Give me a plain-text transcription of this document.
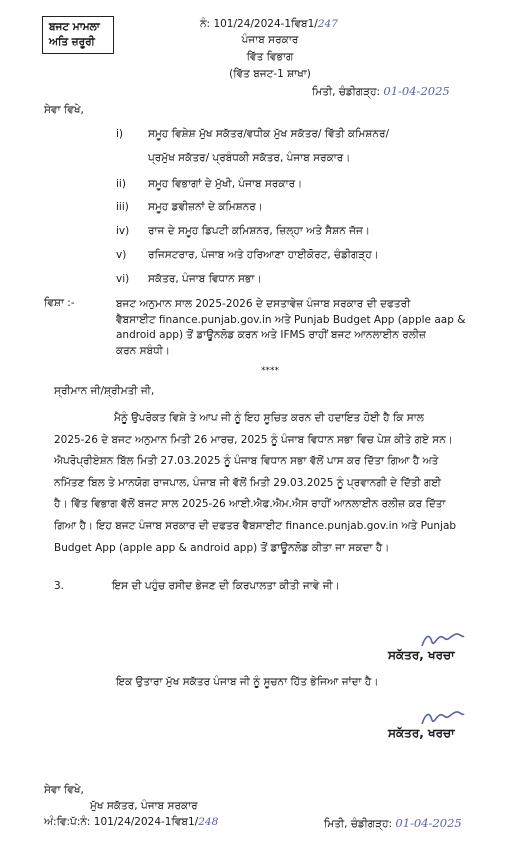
ਬਜਟ ਮਾਮਲਾ
ਅਤਿ ਜ਼ਰੂਰੀ
ਨੰ: 101/24/2024-1ਵਿਬ1/247
ਪੰਜਾਬ ਸਰਕਾਰ
ਵਿੱਤ ਵਿਭਾਗ
(ਵਿੱਤ ਬਜਟ-1 ਸ਼ਾਖਾ)
ਮਿਤੀ, ਚੰਡੀਗੜ੍ਹ: 01-04-2025
ਸੇਵਾ ਵਿਖੇ,
i) ਸਮੂਹ ਵਿਸ਼ੇਸ਼ ਮੁੱਖ ਸਕੱਤਰ/ਵਧੀਕ ਮੁੱਖ ਸਕੱਤਰ/ ਵਿੱਤੀ ਕਮਿਸ਼ਨਰ/
ਪ੍ਰਮੁੱਖ ਸਕੱਤਰ/ ਪ੍ਰਬੰਧਕੀ ਸਕੱਤਰ, ਪੰਜਾਬ ਸਰਕਾਰ।
ii) ਸਮੂਹ ਵਿਭਾਗਾਂ ਦੇ ਮੁੱਖੀ, ਪੰਜਾਬ ਸਰਕਾਰ।
iii) ਸਮੂਹ ਡਵੀਜ਼ਨਾਂ ਦੇ ਕਮਿਸ਼ਨਰ।
iv) ਰਾਜ ਦੇ ਸਮੂਹ ਡਿਪਟੀ ਕਮਿਸ਼ਨਰ, ਜ਼ਿਲ੍ਹਾ ਅਤੇ ਸੈਸ਼ਨ ਜੱਜ।
v) ਰਜਿਸਟਰਾਰ, ਪੰਜਾਬ ਅਤੇ ਹਰਿਆਣਾ ਹਾਈਕੋਰਟ, ਚੰਡੀਗੜ੍ਹ।
vi) ਸਕੱਤਰ, ਪੰਜਾਬ ਵਿਧਾਨ ਸਭਾ।
ਵਿਸ਼ਾ :-	ਬਜਟ ਅਨੁਮਾਨ ਸਾਲ 2025-2026 ਦੇ ਦਸਤਾਵੇਜ਼ ਪੰਜਾਬ ਸਰਕਾਰ ਦੀ ਦਫਤਰੀ
ਵੈਬਸਾਈਟ finance.punjab.gov.in ਅਤੇ Punjab Budget App (apple aap &
android app) ਤੋਂ ਡਾਊਨਲੋਡ ਕਰਨ ਅਤੇ IFMS ਰਾਹੀਂ ਬਜਟ ਆਨਲਾਈਨ ਰਲੀਜ਼
ਕਰਨ ਸਬੰਧੀ।
****
ਸ੍ਰੀਮਾਨ ਜੀ/ਸ਼੍ਰੀਮਤੀ ਜੀ,
ਮੈਨੂੰ ਉਪਰੋਕਤ ਵਿਸ਼ੇ ਤੇ ਆਪ ਜੀ ਨੂੰ ਇਹ ਸੂਚਿਤ ਕਰਨ ਦੀ ਹਦਾਇਤ ਹੋਈ ਹੈ ਕਿ ਸਾਲ
2025-26 ਦੇ ਬਜਟ ਅਨੁਮਾਨ ਮਿਤੀ 26 ਮਾਰਚ, 2025 ਨੂੰ ਪੰਜਾਬ ਵਿਧਾਨ ਸਭਾ ਵਿਚ ਪੇਸ਼ ਕੀਤੇ ਗਏ ਸਨ।
ਐਪਰੋਪ੍ਰੀਏਸ਼ਨ ਬਿੱਲ ਮਿਤੀ 27.03.2025 ਨੂੰ ਪੰਜਾਬ ਵਿਧਾਨ ਸਭਾ ਵੱਲੋਂ ਪਾਸ ਕਰ ਦਿੱਤਾ ਗਿਆ ਹੈ ਅਤੇ
ਨਮਿੱਤਣ ਬਿਲ ਤੇ ਮਾਨਯੋਗ ਰਾਜਪਾਲ, ਪੰਜਾਬ ਜੀ ਵੱਲੋਂ ਮਿਤੀ 29.03.2025 ਨੂੰ ਪ੍ਰਵਾਨਗੀ ਦੇ ਦਿੱਤੀ ਗਈ
ਹੈ। ਵਿੱਤ ਵਿਭਾਗ ਵੱਲੋਂ ਬਜਟ ਸਾਲ 2025-26 ਆਈ.ਐਫ.ਐਮ.ਐਸ ਰਾਹੀਂ ਆਨਲਾਈਨ ਰਲੀਜ਼ ਕਰ ਦਿੱਤਾ
ਗਿਆ ਹੈ। ਇਹ ਬਜਟ ਪੰਜਾਬ ਸਰਕਾਰ ਦੀ ਦਫਤਰ ਵੈਬਸਾਈਟ finance.punjab.gov.in ਅਤੇ Punjab
Budget App (apple app & android app) ਤੋਂ ਡਾਊਨਲੋਡ ਕੀਤਾ ਜਾ ਸਕਦਾ ਹੈ।
3.	ਇਸ ਦੀ ਪਹੁੰਚ ਰਸੀਦ ਭੇਜਣ ਦੀ ਕਿਰਪਾਲਤਾ ਕੀਤੀ ਜਾਵੇ ਜੀ।
ਸਕੱਤਰ, ਖਰਚਾ
ਇਕ ਉਤਾਰਾ ਮੁੱਖ ਸਕੱਤਰ ਪੰਜਾਬ ਜੀ ਨੂੰ ਸੂਚਨਾ ਹਿੱਤ ਭੇਜਿਆ ਜਾਂਦਾ ਹੈ।
ਸਕੱਤਰ, ਖਰਚਾ
ਸੇਵਾ ਵਿਖੇ,
ਮੁੱਖ ਸਕੱਤਰ, ਪੰਜਾਬ ਸਰਕਾਰ
ਅੰ:ਵਿ:ਪੱ:ਨੰ: 101/24/2024-1ਵਿਬ1/248	ਮਿਤੀ, ਚੰਡੀਗੜ੍ਹ: 01-04-2025
